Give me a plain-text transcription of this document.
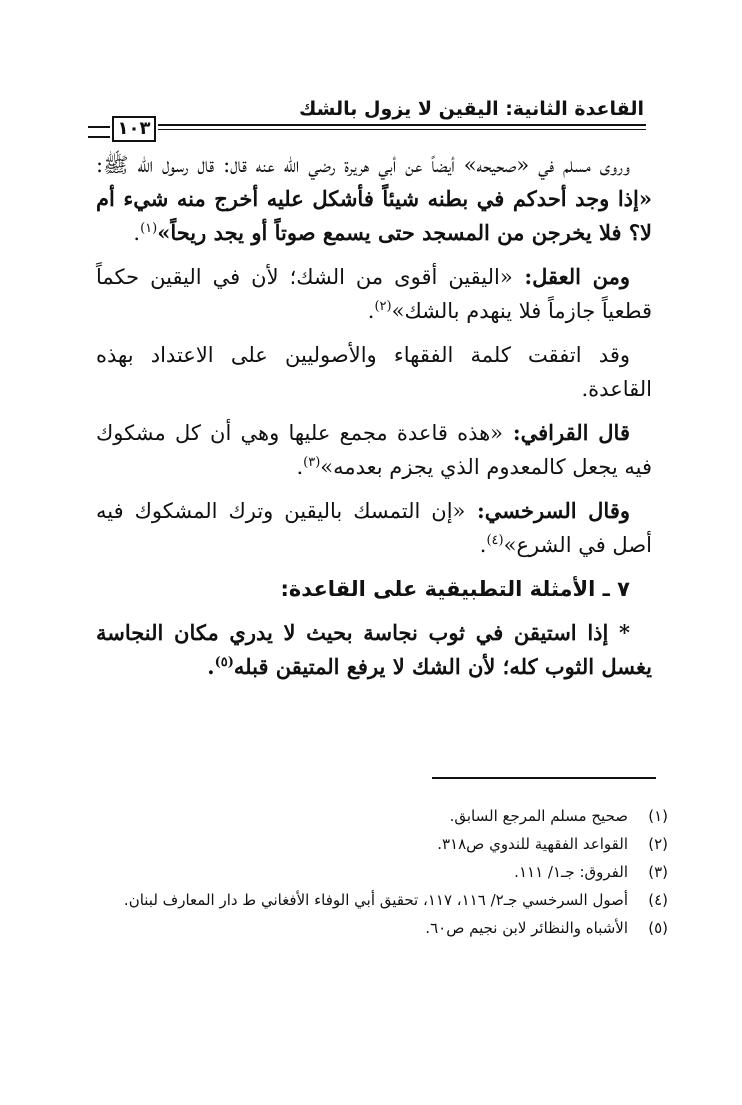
القاعدة الثانية: اليقين لا يزول بالشك
١٠٣

وروى مسلم في «صحيحه» أيضاً عن أبي هريرة رضي الله عنه قال: قال رسول الله ﷺ: «إذا وجد أحدكم في بطنه شيئاً فأشكل عليه أخرج منه شيء أم لا؟ فلا يخرجن من المسجد حتى يسمع صوتاً أو يجد ريحاً»$^{(١)}$.

ومن العقل: «اليقين أقوى من الشك؛ لأن في اليقين حكماً قطعياً جازماً فلا ينهدم بالشك»$^{(٢)}$.

وقد اتفقت كلمة الفقهاء والأصوليين على الاعتداد بهذه القاعدة.

قال القرافي: «هذه قاعدة مجمع عليها وهي أن كل مشكوك فيه يجعل كالمعدوم الذي يجزم بعدمه»$^{(٣)}$.

وقال السرخسي: «إن التمسك باليقين وترك المشكوك فيه أصل في الشرع»$^{(٤)}$.

٧ ـ الأمثلة التطبيقية على القاعدة:

* إذا استيقن في ثوب نجاسة بحيث لا يدري مكان النجاسة يغسل الثوب كله؛ لأن الشك لا يرفع المتيقن قبله$^{(٥)}$.

(١)
صحيح مسلم المرجع السابق.
(٢)
القواعد الفقهية للندوي ص٣١٨.
(٣)
الفروق: جـ١/ ١١١.
(٤)
أصول السرخسي جـ٢/ ١١٦، ١١٧، تحقيق أبي الوفاء الأفغاني ط دار المعارف لبنان.
(٥)
الأشباه والنظائر لابن نجيم ص٦٠.
